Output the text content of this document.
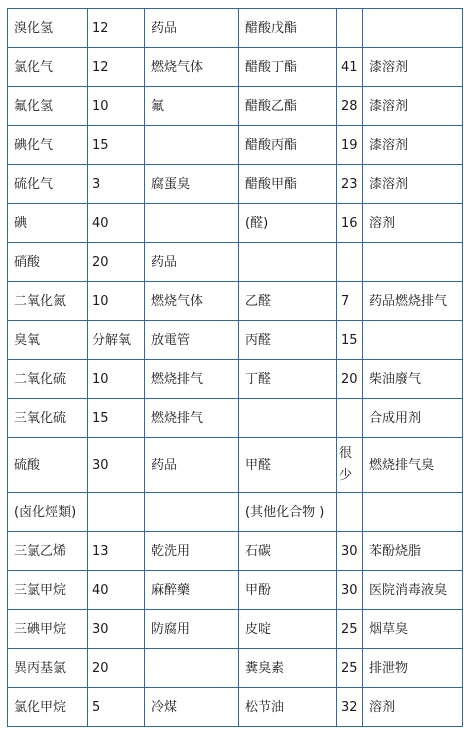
溴化氢	12	药品	醋酸戊酯		
氯化气	12	燃烧气体	醋酸丁酯	41	漆溶剂
氟化氢	10	氟	醋酸乙酯	28	漆溶剂
碘化气	15		醋酸丙酯	19	漆溶剂
硫化气	3	腐蛋臭	醋酸甲酯	23	漆溶剂
碘	40		(醛)	16	溶剂
硝酸	20	药品			
二氧化氮	10	燃烧气体	乙醛	7	药品燃烧排气
臭氧	分解氧	放電管	丙醛	15	
二氧化硫	10	燃烧排气	丁醛	20	柴油廢气
三氧化硫	15	燃烧排气			合成用剂
硫酸	30	药品	甲醛	很少	燃烧排气臭
(卤化烴類)			(其他化合物 )		
三氯乙烯	13	乾洗用	石碳	30	苯酚烧脂
三氯甲烷	40	麻醉藥	甲酚	30	医院消毒液臭
三碘甲烷	30	防腐用	皮啶	25	烟草臭
異丙基氯	20		糞臭素	25	排泄物
氯化甲烷	5	冷煤	松节油	32	溶剂
